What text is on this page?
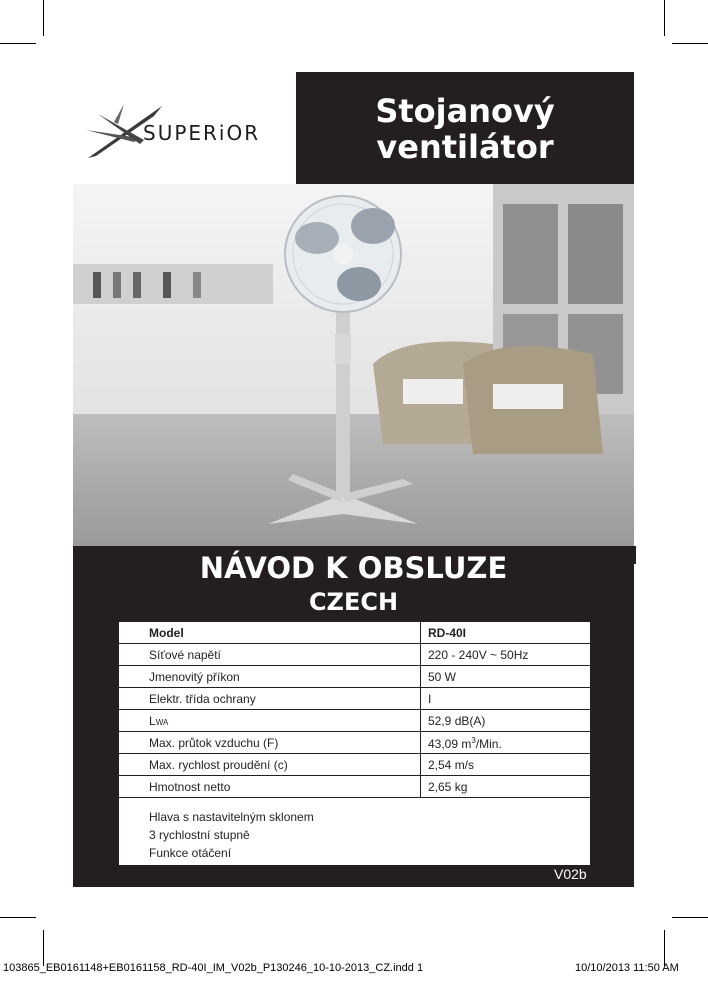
SUPERiOR
Stojanový
ventilátor
NÁVOD K OBSLUZE
CZECH
Model	RD-40I
Síťové napětí	220 - 240V ~ 50Hz
Jmenovitý příkon	50 W
Elektr. třída ochrany	I
LWA	52,9 dB(A)
Max. průtok vzduchu (F)	43,09 $m^3$/Min.
Max. rychlost proudění (c)	2,54 m/s
Hmotnost netto	2,65 kg
Hlava s nastavitelným sklonem
3 rychlostní stupně
Funkce otáčení
V02b
103865_EB0161148+EB0161158_RD-40I_IM_V02b_P130246_10-10-2013_CZ.indd 1	10/10/2013 11:50 AM
